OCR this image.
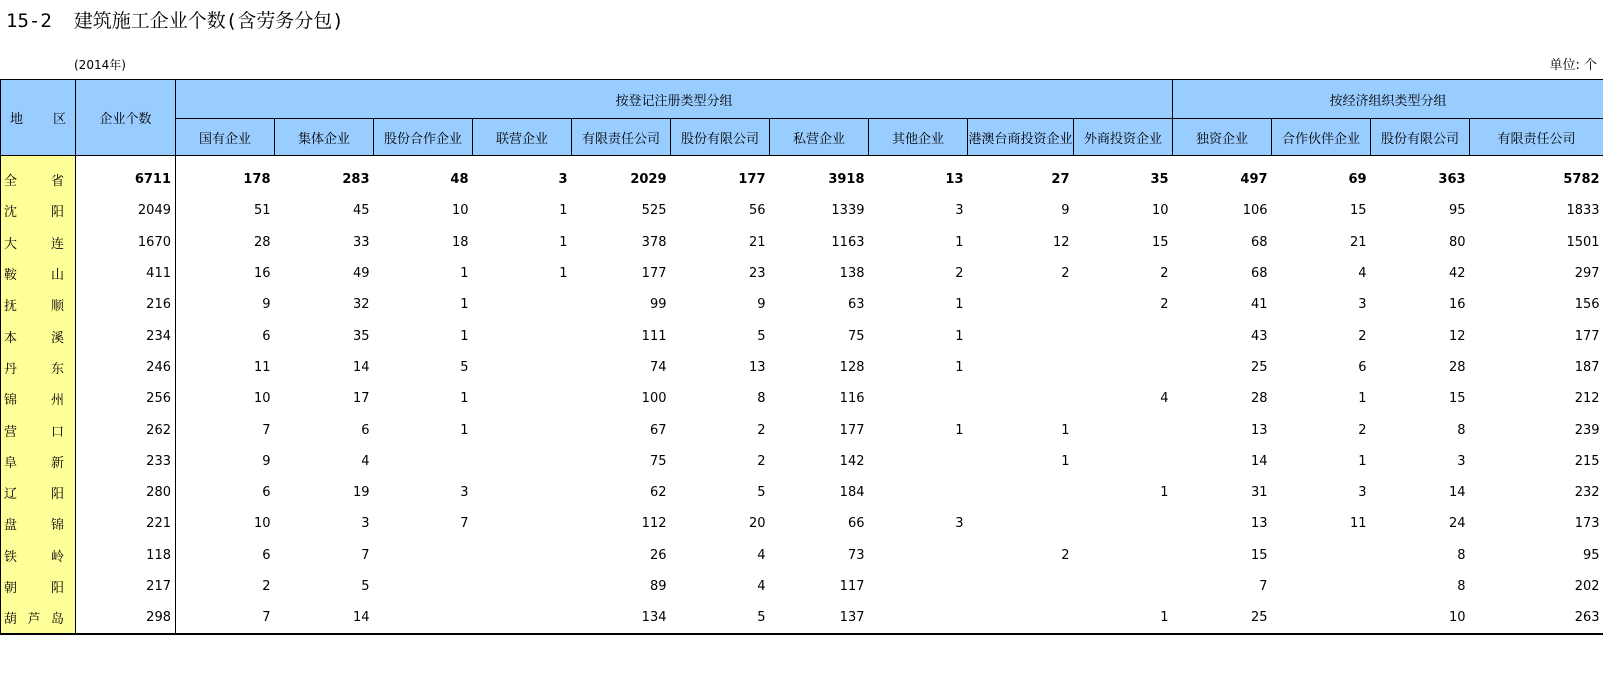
15-2 建筑施工企业个数(含劳务分包)
(2014年)	单位: 个
地 区	企业个数	按登记注册类型分组										按经济组织类型分组			
		国有企业	集体企业	股份合作企业	联营企业	有限责任公司	股份有限公司	私营企业	其他企业	港澳台商投资企业	外商投资企业	独资企业	合作伙伴企业	股份有限公司	有限责任公司

全 省	6711	178	283	48	3	2029	177	3918	13	27	35	497	69	363	5782

沈 阳	2049	51	45	10	1	525	56	1339	3	9	10	106	15	95	1833

大 连	1670	28	33	18	1	378	21	1163	1	12	15	68	21	80	1501

鞍 山	411	16	49	1	1	177	23	138	2	2	2	68	4	42	297

抚 顺	216	9	32	1		99	9	63	1		2	41	3	16	156

本 溪	234	6	35	1		111	5	75	1			43	2	12	177

丹 东	246	11	14	5		74	13	128	1			25	6	28	187

锦 州	256	10	17	1		100	8	116			4	28	1	15	212

营 口	262	7	6	1		67	2	177	1	1		13	2	8	239

阜 新	233	9	4			75	2	142		1		14	1	3	215

辽 阳	280	6	19	3		62	5	184			1	31	3	14	232

盘 锦	221	10	3	7		112	20	66	3			13	11	24	173

铁 岭	118	6	7			26	4	73		2		15		8	95

朝 阳	217	2	5			89	4	117				7		8	202

葫 芦 岛	298	7	14			134	5	137			1	25		10	263
